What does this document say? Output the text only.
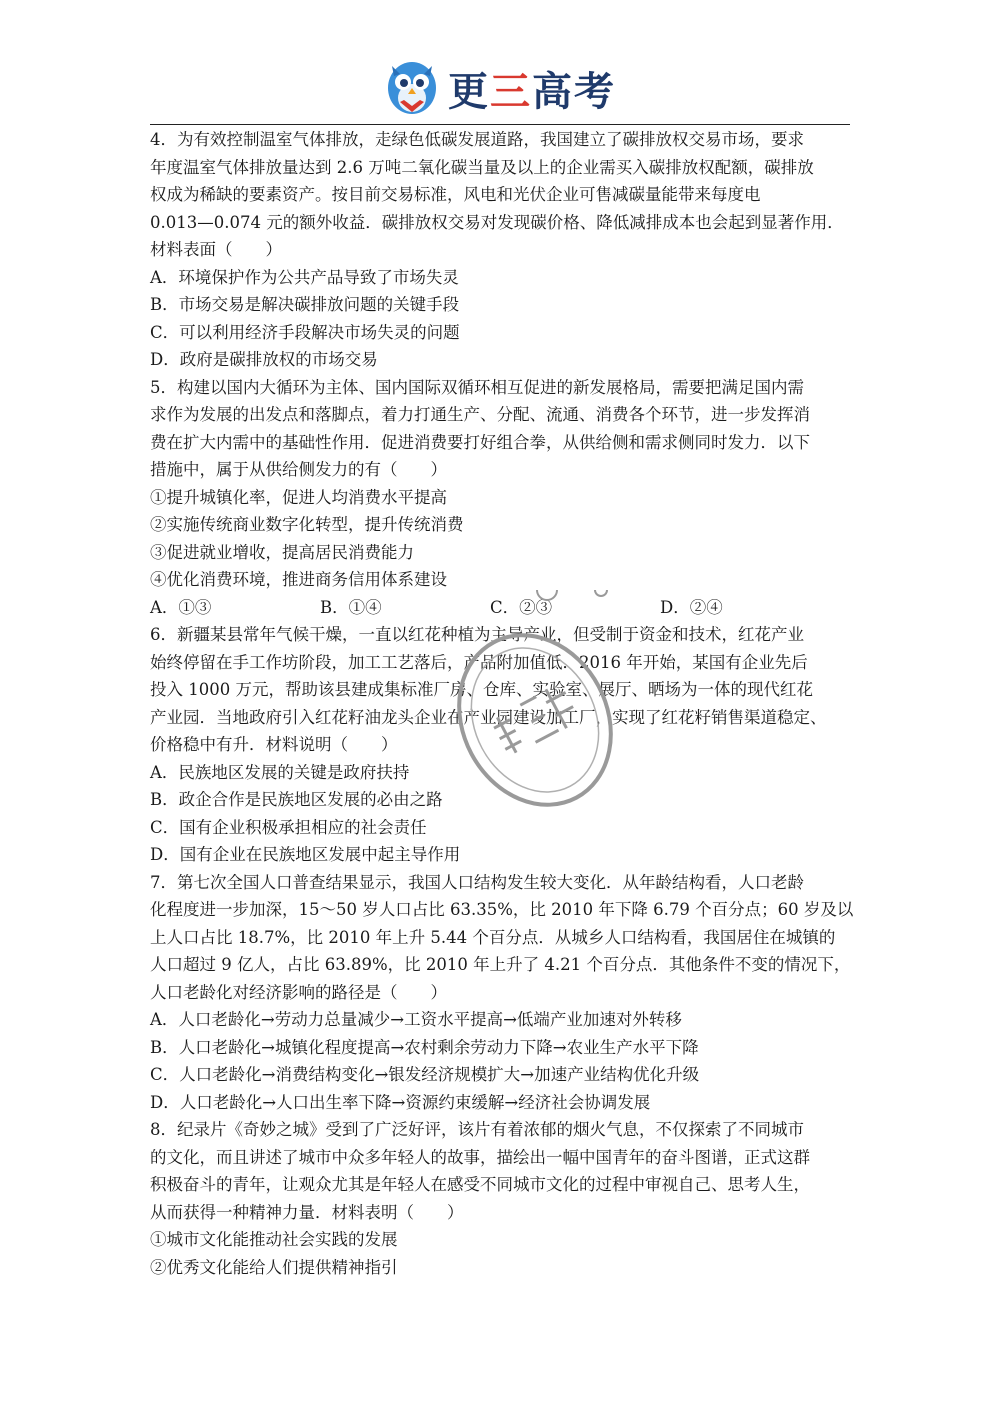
更三高考

4．为有效控制温室气体排放，走绿色低碳发展道路，我国建立了碳排放权交易市场，要求

年度温室气体排放量达到 2.6 万吨二氧化碳当量及以上的企业需买入碳排放权配额，碳排放

权成为稀缺的要素资产。按目前交易标准，风电和光伏企业可售减碳量能带来每度电

0.013—0.074 元的额外收益．碳排放权交易对发现碳价格、降低减排成本也会起到显著作用．

材料表面（　　）

A．环境保护作为公共产品导致了市场失灵

B．市场交易是解决碳排放问题的关键手段

C．可以利用经济手段解决市场失灵的问题

D．政府是碳排放权的市场交易

5．构建以国内大循环为主体、国内国际双循环相互促进的新发展格局，需要把满足国内需

求作为发展的出发点和落脚点，着力打通生产、分配、流通、消费各个环节，进一步发挥消

费在扩大内需中的基础性作用．促进消费要打好组合拳，从供给侧和需求侧同时发力．以下

措施中，属于从供给侧发力的有（　　）

①提升城镇化率，促进人均消费水平提高

②实施传统商业数字化转型，提升传统消费

③促进就业增收，提高居民消费能力

④优化消费环境，推进商务信用体系建设

A．①③	B．①④	C．②③	D．②④

6．新疆某县常年气候干燥，一直以红花种植为主导产业，但受制于资金和技术，红花产业

始终停留在手工作坊阶段，加工工艺落后，产品附加值低．2016 年开始，某国有企业先后

投入 1000 万元，帮助该县建成集标准厂房、仓库、实验室、展厅、晒场为一体的现代红花

产业园．当地政府引入红花籽油龙头企业在产业园建设加工厂，实现了红花籽销售渠道稳定、

价格稳中有升．材料说明（　　）

A．民族地区发展的关键是政府扶持

B．政企合作是民族地区发展的必由之路

C．国有企业积极承担相应的社会责任

D．国有企业在民族地区发展中起主导作用

7．第七次全国人口普查结果显示，我国人口结构发生较大变化．从年龄结构看，人口老龄

化程度进一步加深，15～50 岁人口占比 63.35%，比 2010 年下降 6.79 个百分点；60 岁及以

上人口占比 18.7%，比 2010 年上升 5.44 个百分点．从城乡人口结构看，我国居住在城镇的

人口超过 9 亿人，占比 63.89%，比 2010 年上升了 4.21 个百分点．其他条件不变的情况下，

人口老龄化对经济影响的路径是（　　）

A．人口老龄化→劳动力总量减少→工资水平提高→低端产业加速对外转移

B．人口老龄化→城镇化程度提高→农村剩余劳动力下降→农业生产水平下降

C．人口老龄化→消费结构变化→银发经济规模扩大→加速产业结构优化升级

D．人口老龄化→人口出生率下降→资源约束缓解→经济社会协调发展

8．纪录片《奇妙之城》受到了广泛好评，该片有着浓郁的烟火气息，不仅探索了不同城市

的文化，而且讲述了城市中众多年轻人的故事，描绘出一幅中国青年的奋斗图谱，正式这群

积极奋斗的青年，让观众尤其是年轻人在感受不同城市文化的过程中审视自己、思考人生，

从而获得一种精神力量．材料表明（　　）

①城市文化能推动社会实践的发展

②优秀文化能给人们提供精神指引
